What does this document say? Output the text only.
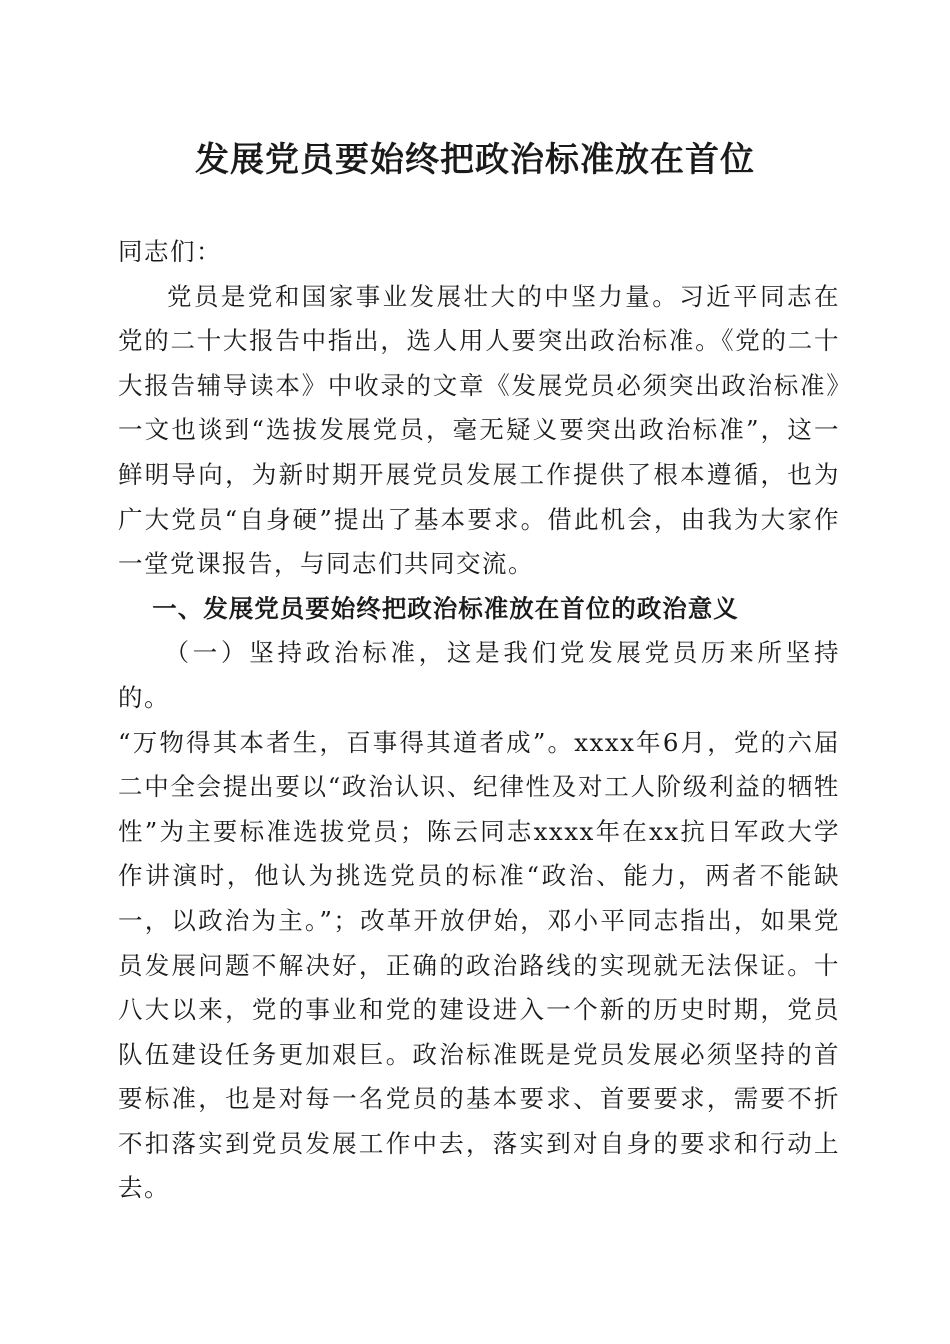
发展党员要始终把政治标准放在首位

同志们：

党员是党和国家事业发展壮大的中坚力量。习近平同志在党的二十大报告中指出，选人用人要突出政治标准。《党的二十大报告辅导读本》中收录的文章《发展党员必须突出政治标准》一文也谈到“选拔发展党员，毫无疑义要突出政治标准”，这一鲜明导向，为新时期开展党员发展工作提供了根本遵循，也为广大党员“自身硬”提出了基本要求。借此机会，由我为大家作一堂党课报告，与同志们共同交流。

一、发展党员要始终把政治标准放在首位的政治意义

（一）坚持政治标准，这是我们党发展党员历来所坚持的。

“万物得其本者生，百事得其道者成”。xxxx年6月，党的六届二中全会提出要以“政治认识、纪律性及对工人阶级利益的牺牲性”为主要标准选拔党员；陈云同志xxxx年在xx抗日军政大学作讲演时，他认为挑选党员的标准“政治、能力，两者不能缺一，以政治为主。”；改革开放伊始，邓小平同志指出，如果党员发展问题不解决好，正确的政治路线的实现就无法保证。十八大以来，党的事业和党的建设进入一个新的历史时期，党员队伍建设任务更加艰巨。政治标准既是党员发展必须坚持的首要标准，也是对每一名党员的基本要求、首要要求，需要不折不扣落实到党员发展工作中去，落实到对自身的要求和行动上去。
